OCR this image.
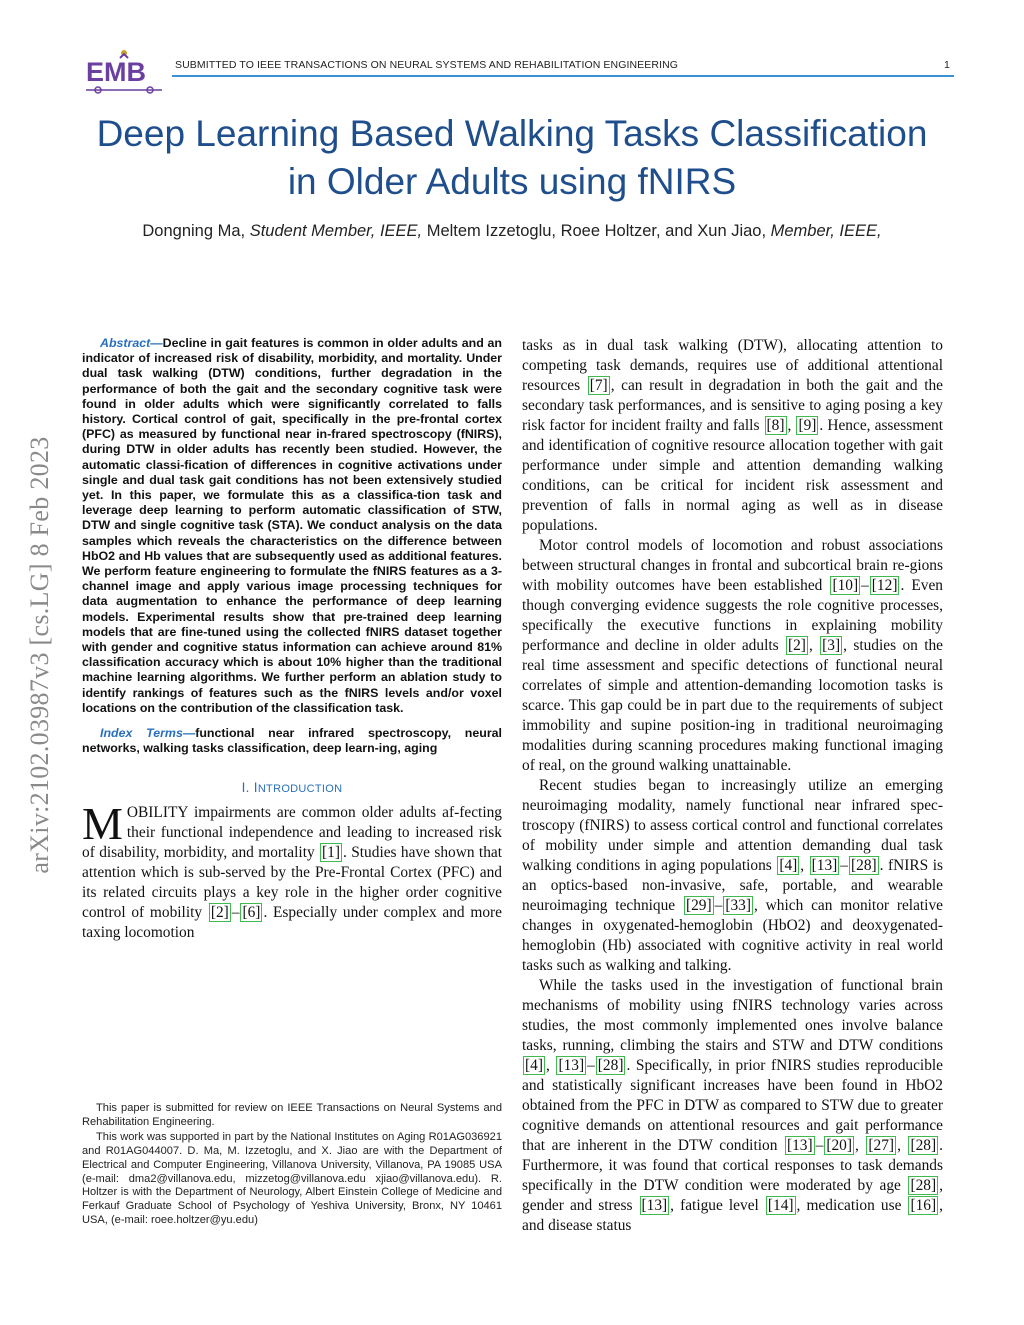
EMB	SUBMITTED TO IEEE TRANSACTIONS ON NEURAL SYSTEMS AND REHABILITATION ENGINEERING	1
arXiv:2102.03987v3 [cs.LG] 8 Feb 2023
Deep Learning Based Walking Tasks Classification in Older Adults using fNIRS
Dongning Ma, Student Member, IEEE, Meltem Izzetoglu, Roee Holtzer, and Xun Jiao, Member, IEEE,

Abstract—Decline in gait features is common in older adults and an indicator of increased risk of disability, morbidity, and mortality. Under dual task walking (DTW) conditions, further degradation in the performance of both the gait and the secondary cognitive task were found in older adults which were significantly correlated to falls history. Cortical control of gait, specifically in the pre-frontal cortex (PFC) as measured by functional near in-frared spectroscopy (fNIRS), during DTW in older adults has recently been studied. However, the automatic classi-fication of differences in cognitive activations under single and dual task gait conditions has not been extensively studied yet. In this paper, we formulate this as a classifica-tion task and leverage deep learning to perform automatic classification of STW, DTW and single cognitive task (STA). We conduct analysis on the data samples which reveals the characteristics on the difference between HbO2 and Hb values that are subsequently used as additional features. We perform feature engineering to formulate the fNIRS features as a 3-channel image and apply various image processing techniques for data augmentation to enhance the performance of deep learning models. Experimental results show that pre-trained deep learning models that are fine-tuned using the collected fNIRS dataset together with gender and cognitive status information can achieve around 81% classification accuracy which is about 10% higher than the traditional machine learning algorithms. We further perform an ablation study to identify rankings of features such as the fNIRS levels and/or voxel locations on the contribution of the classification task.

Index Terms—functional near infrared spectroscopy, neural networks, walking tasks classification, deep learn-ing, aging

I. INTRODUCTION

MOBILITY impairments are common older adults af-fecting their functional independence and leading to increased risk of disability, morbidity, and mortality [1] . Studies have shown that attention which is sub-served by the Pre-Frontal Cortex (PFC) and its related circuits plays a key role in the higher order cognitive control of mobility [2] – [6] . Especially under complex and more taxing locomotion

This paper is submitted for review on IEEE Transactions on Neural Systems and Rehabilitation Engineering.

This work was supported in part by the National Institutes on Aging R01AG036921 and R01AG044007. D. Ma, M. Izzetoglu, and X. Jiao are with the Department of Electrical and Computer Engineering, Villanova University, Villanova, PA 19085 USA (e-mail: dma2@villanova.edu, mizzetog@villanova.edu xjiao@villanova.edu). R. Holtzer is with the Department of Neurology, Albert Einstein College of Medicine and Ferkauf Graduate School of Psychology of Yeshiva University, Bronx, NY 10461 USA, (e-mail: roee.holtzer@yu.edu)

tasks as in dual task walking (DTW), allocating attention to competing task demands, requires use of additional attentional resources [7] , can result in degradation in both the gait and the secondary task performances, and is sensitive to aging posing a key risk factor for incident frailty and falls [8] , [9] . Hence, assessment and identification of cognitive resource allocation together with gait performance under simple and attention demanding walking conditions, can be critical for incident risk assessment and prevention of falls in normal aging as well as in disease populations.

Motor control models of locomotion and robust associations between structural changes in frontal and subcortical brain re-gions with mobility outcomes have been established [10] – [12] . Even though converging evidence suggests the role cognitive processes, specifically the executive functions in explaining mobility performance and decline in older adults [2] , [3] , studies on the real time assessment and specific detections of functional neural correlates of simple and attention-demanding locomotion tasks is scarce. This gap could be in part due to the requirements of subject immobility and supine position-ing in traditional neuroimaging modalities during scanning procedures making functional imaging of real, on the ground walking unattainable.

Recent studies began to increasingly utilize an emerging neuroimaging modality, namely functional near infrared spec-troscopy (fNIRS) to assess cortical control and functional correlates of mobility under simple and attention demanding dual task walking conditions in aging populations [4] , [13] – [28] . fNIRS is an optics-based non-invasive, safe, portable, and wearable neuroimaging technique [29] – [33] , which can monitor relative changes in oxygenated-hemoglobin (HbO2) and deoxygenated-hemoglobin (Hb) associated with cognitive activity in real world tasks such as walking and talking.

While the tasks used in the investigation of functional brain mechanisms of mobility using fNIRS technology varies across studies, the most commonly implemented ones involve balance tasks, running, climbing the stairs and STW and DTW conditions [4] , [13] – [28] . Specifically, in prior fNIRS studies reproducible and statistically significant increases have been found in HbO2 obtained from the PFC in DTW as compared to STW due to greater cognitive demands on attentional resources and gait performance that are inherent in the DTW condition [13] – [20] , [27] , [28] . Furthermore, it was found that cortical responses to task demands specifically in the DTW condition were moderated by age [28] , gender and stress [13] , fatigue level [14] , medication use [16] , and disease status
